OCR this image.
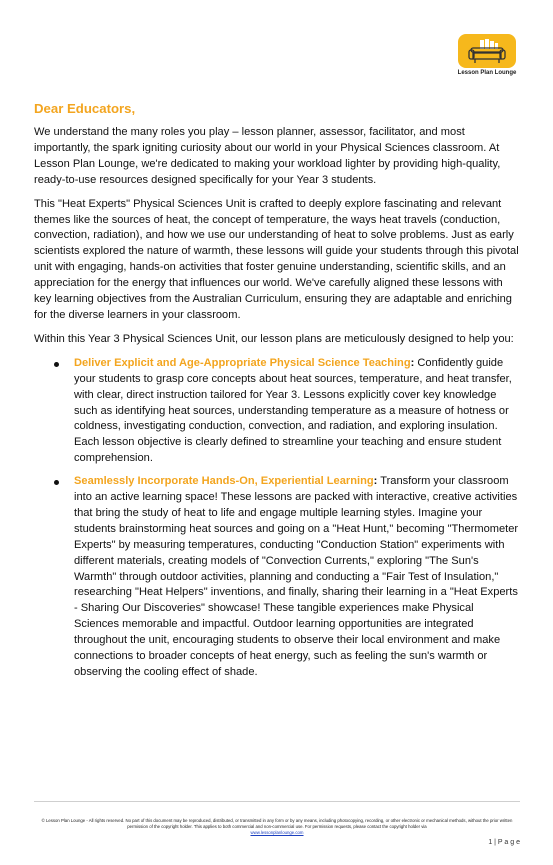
Lesson Plan Lounge
Dear Educators,

We understand the many roles you play – lesson planner, assessor, facilitator, and most importantly, the spark igniting curiosity about our world in your Physical Sciences classroom. At Lesson Plan Lounge, we're dedicated to making your workload lighter by providing high-quality, ready-to-use resources designed specifically for your Year 3 students.

This "Heat Experts" Physical Sciences Unit is crafted to deeply explore fascinating and relevant themes like the sources of heat, the concept of temperature, the ways heat travels (conduction, convection, radiation), and how we use our understanding of heat to solve problems. Just as early scientists explored the nature of warmth, these lessons will guide your students through this pivotal unit with engaging, hands-on activities that foster genuine understanding, scientific skills, and an appreciation for the energy that influences our world. We've carefully aligned these lessons with key learning objectives from the Australian Curriculum, ensuring they are adaptable and enriching for the diverse learners in your classroom.

Within this Year 3 Physical Sciences Unit, our lesson plans are meticulously designed to help you:

Deliver Explicit and Age-Appropriate Physical Science Teaching: Confidently guide your students to grasp core concepts about heat sources, temperature, and heat transfer, with clear, direct instruction tailored for Year 3. Lessons explicitly cover key knowledge such as identifying heat sources, understanding temperature as a measure of hotness or coldness, investigating conduction, convection, and radiation, and exploring insulation. Each lesson objective is clearly defined to streamline your teaching and ensure student comprehension.
Seamlessly Incorporate Hands-On, Experiential Learning: Transform your classroom into an active learning space! These lessons are packed with interactive, creative activities that bring the study of heat to life and engage multiple learning styles. Imagine your students brainstorming heat sources and going on a "Heat Hunt," becoming "Thermometer Experts" by measuring temperatures, conducting "Conduction Station" experiments with different materials, creating models of "Convection Currents," exploring "The Sun's Warmth" through outdoor activities, planning and conducting a "Fair Test of Insulation," researching "Heat Helpers" inventions, and finally, sharing their learning in a "Heat Experts - Sharing Our Discoveries" showcase! These tangible experiences make Physical Sciences memorable and impactful. Outdoor learning opportunities are integrated throughout the unit, encouraging students to observe their local environment and make connections to broader concepts of heat energy, such as feeling the sun's warmth or observing the cooling effect of shade.
© Lesson Plan Lounge - All rights reserved. No part of this document may be reproduced, distributed, or transmitted in any form or by any means, including photocopying, recording, or other electronic or mechanical methods, without the prior written permission of the copyright holder. This applies to both commercial and non-commercial use. For permission requests, please contact the copyright holder via
www.lessonplanlounge.com
1 | P a g e
